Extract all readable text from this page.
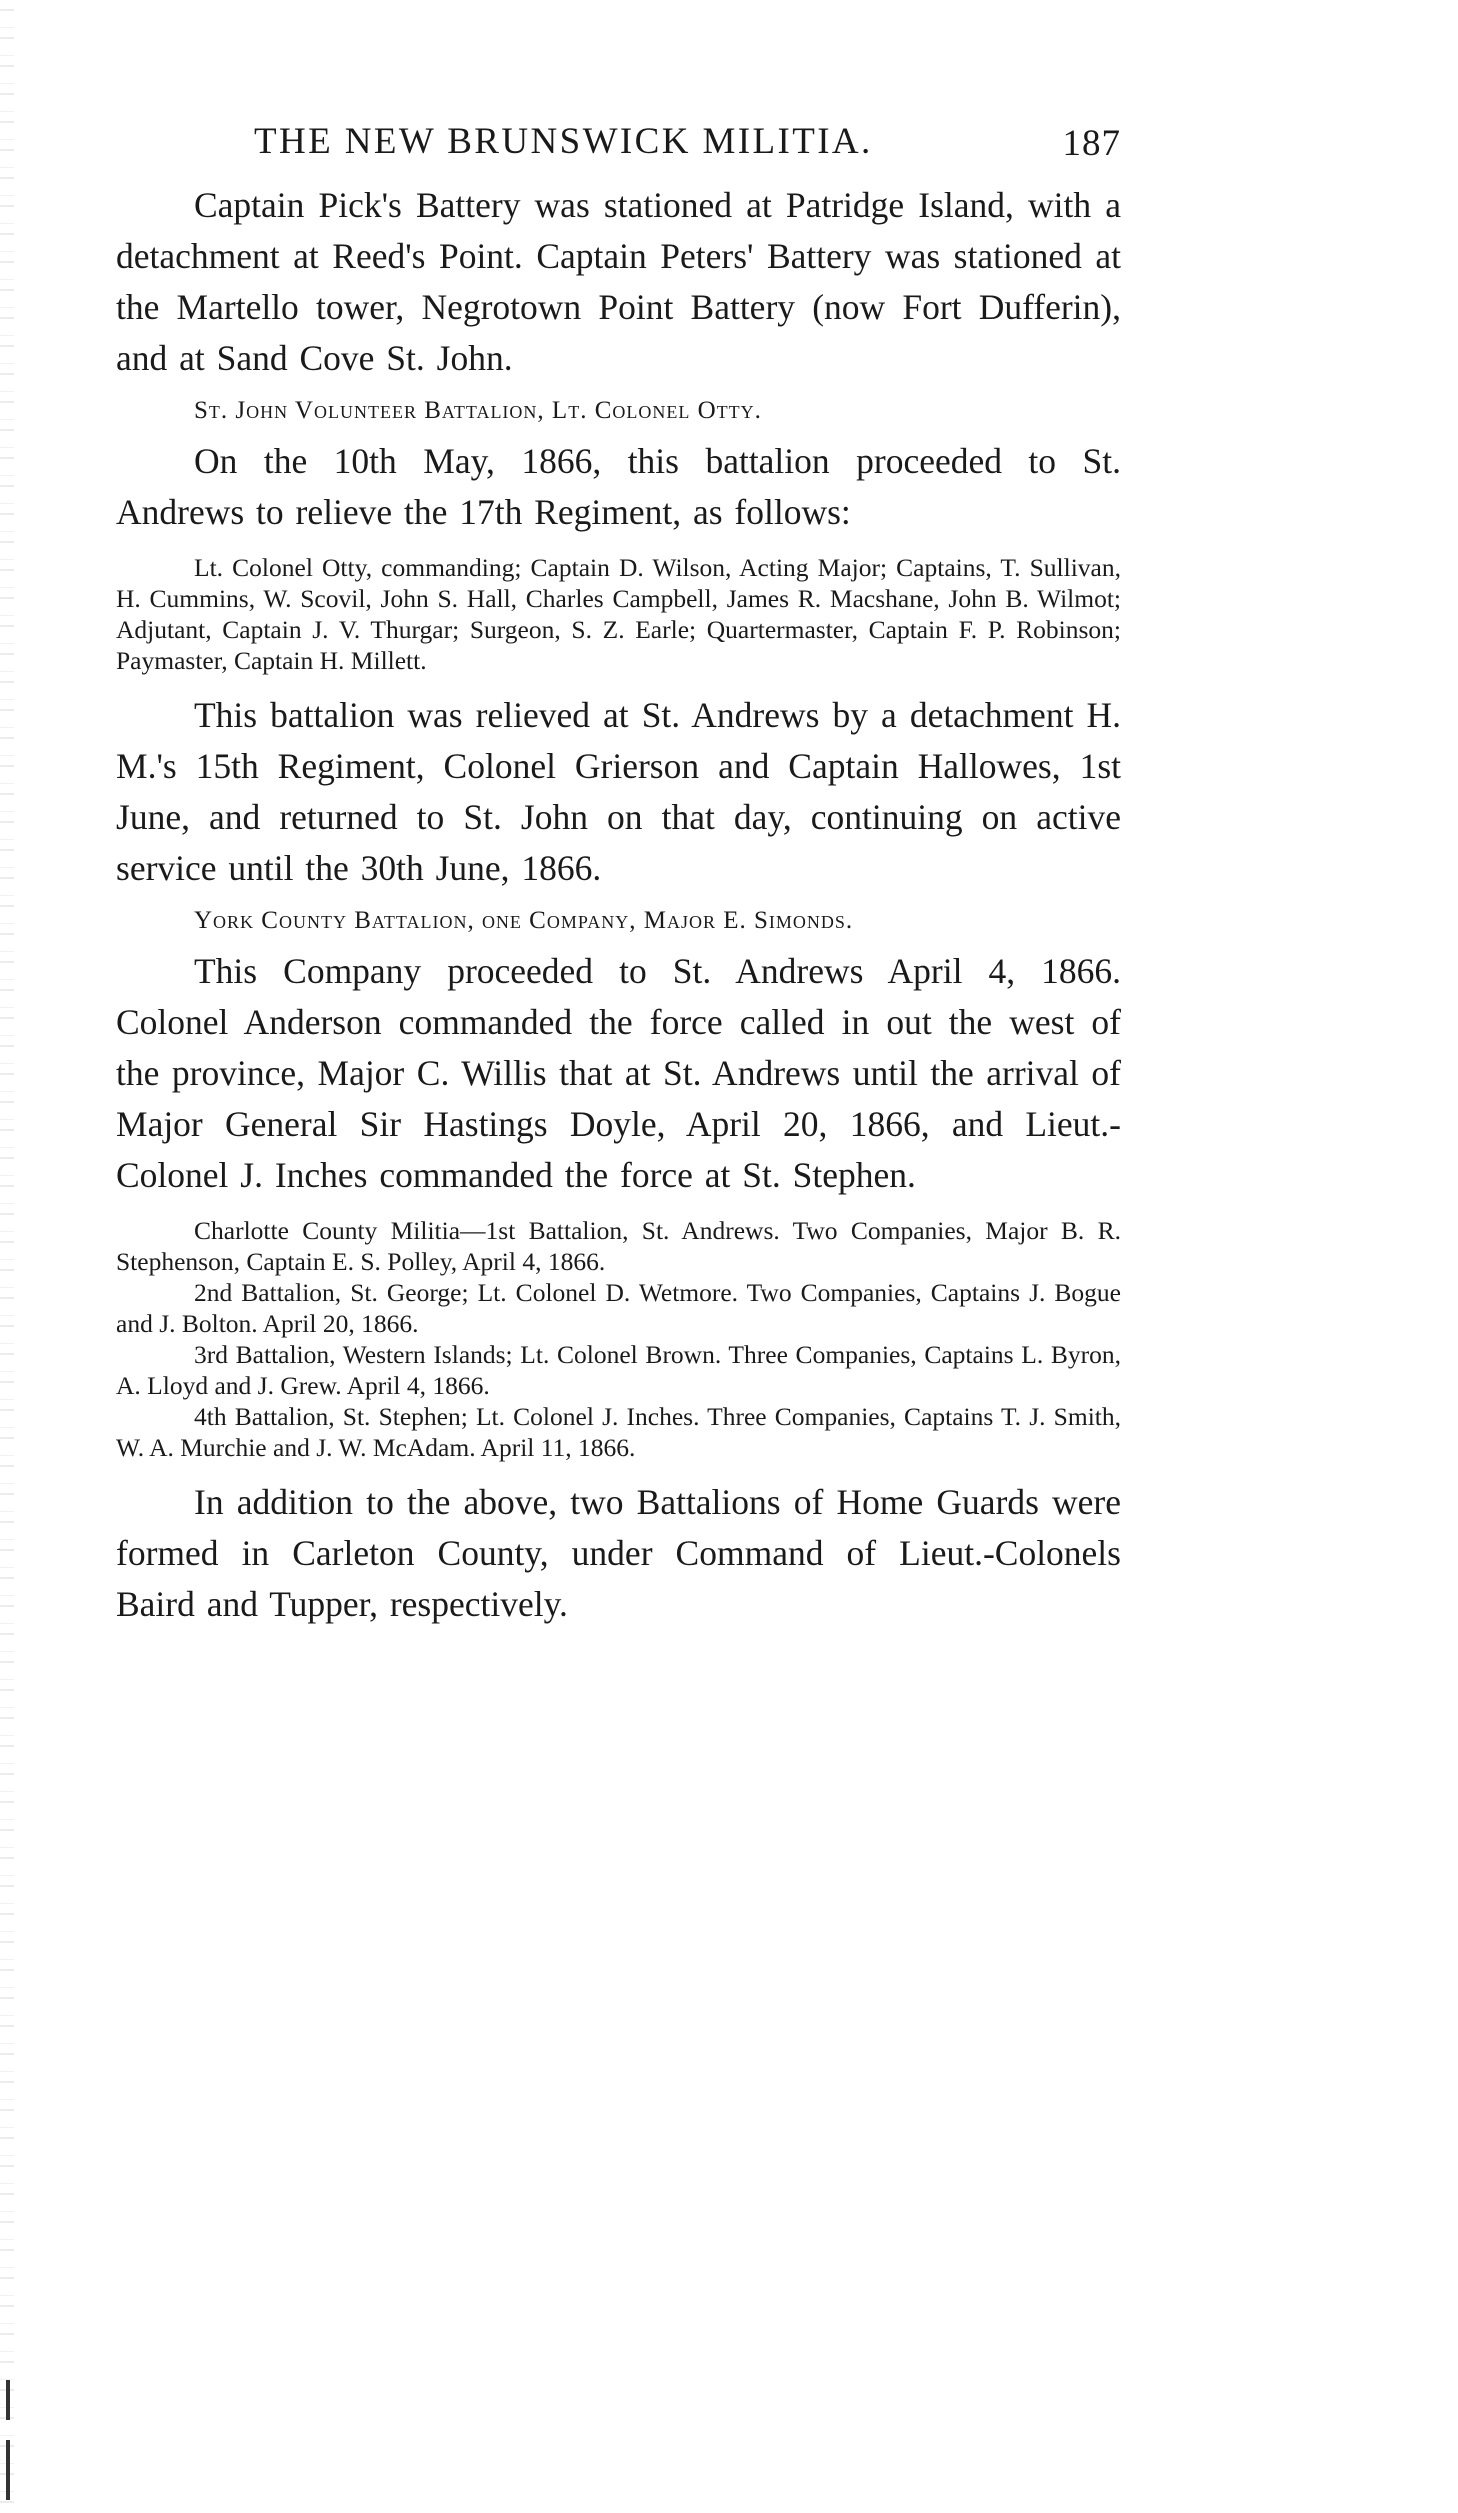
THE NEW BRUNSWICK MILITIA.	187

Captain Pick's Battery was stationed at Patridge Island, with a detachment at Reed's Point. Captain Peters' Battery was stationed at the Martello tower, Negrotown Point Battery (now Fort Dufferin), and at Sand Cove St. John.

St. John Volunteer Battalion, Lt. Colonel Otty.

On the 10th May, 1866, this battalion proceeded to St. Andrews to relieve the 17th Regiment, as follows:

Lt. Colonel Otty, commanding; Captain D. Wilson, Acting Major; Captains, T. Sullivan, H. Cummins, W. Scovil, John S. Hall, Charles Campbell, James R. Macshane, John B. Wilmot; Adjutant, Captain J. V. Thurgar; Surgeon, S. Z. Earle; Quartermaster, Captain F. P. Robinson; Paymaster, Captain H. Millett.

This battalion was relieved at St. Andrews by a detachment H. M.'s 15th Regiment, Colonel Grierson and Captain Hallowes, 1st June, and returned to St. John on that day, continuing on active service until the 30th June, 1866.

York County Battalion, one Company, Major E. Simonds.

This Company proceeded to St. Andrews April 4, 1866. Colonel Anderson commanded the force called in out the west of the province, Major C. Willis that at St. Andrews until the arrival of Major General Sir Hastings Doyle, April 20, 1866, and Lieut.-Colonel J. Inches commanded the force at St. Stephen.

Charlotte County Militia—1st Battalion, St. Andrews. Two Companies, Major B. R. Stephenson, Captain E. S. Polley, April 4, 1866.

2nd Battalion, St. George; Lt. Colonel D. Wetmore. Two Companies, Captains J. Bogue and J. Bolton. April 20, 1866.

3rd Battalion, Western Islands; Lt. Colonel Brown. Three Companies, Captains L. Byron, A. Lloyd and J. Grew. April 4, 1866.

4th Battalion, St. Stephen; Lt. Colonel J. Inches. Three Companies, Captains T. J. Smith, W. A. Murchie and J. W. McAdam. April 11, 1866.

In addition to the above, two Battalions of Home Guards were formed in Carleton County, under Command of Lieut.-Colonels Baird and Tupper, respectively.
